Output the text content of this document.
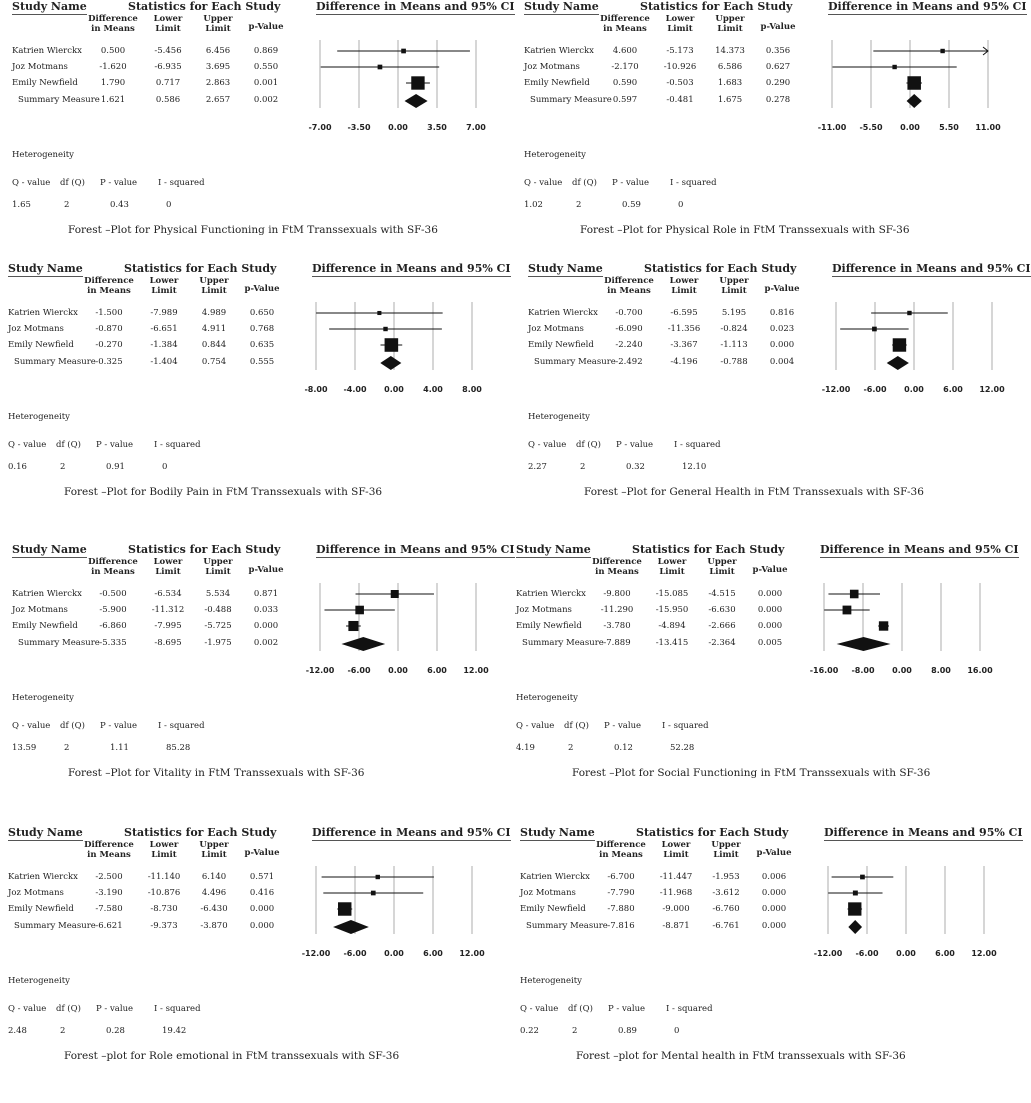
Study Name	Statistics for Each Study	Difference in Means and 95% CI
Difference
in Means
Lower
Limit
Upper
Limit	p-Value
Katrien Wierckx	0.500	-5.456	6.456	0.869
Joz Motmans	-1.620	-6.935	3.695	0.550
Emily Newfield	1.790	0.717	2.863	0.001
Summary Measure 1.621	0.586	2.657	0.002
-7.00 -3.50 0.00 3.50 7.00
Heterogeneity
Q - value df (Q) P - value I - squared
1.65	2	0.43	0
Forest –Plot for Physical Functioning in FtM Transsexuals with SF-36
Study Name	Statistics for Each Study	Difference in Means and 95% CI
Difference
in Means
Lower
Limit
Upper
Limit	p-Value
Katrien Wierckx	4.600	-5.173	14.373	0.356
Joz Motmans	-2.170	-10.926	6.586	0.627
Emily Newfield	0.590	-0.503	1.683	0.290
Summary Measure 0.597	-0.481	1.675	0.278
-11.00 -5.50 0.00 5.50 11.00
Heterogeneity
Q - value df (Q) P - value I - squared
1.02	2	0.59	0
Forest –Plot for Physical Role in FtM Transsexuals with SF-36
Study Name	Statistics for Each Study	Difference in Means and 95% CI
Difference
in Means
Lower
Limit
Upper
Limit	p-Value
Katrien Wierckx	-1.500	-7.989	4.989	0.650
Joz Motmans	-0.870	-6.651	4.911	0.768
Emily Newfield	-0.270	-1.384	0.844	0.635
Summary Measure -0.325	-1.404	0.754	0.555
-8.00 -4.00 0.00 4.00 8.00
Heterogeneity
Q - value df (Q) P - value I - squared
0.16	2	0.91	0
Forest –Plot for Bodily Pain in FtM Transsexuals with SF-36
Study Name	Statistics for Each Study	Difference in Means and 95% CI
Difference
in Means
Lower
Limit
Upper
Limit	p-Value
Katrien Wierckx	-0.700	-6.595	5.195	0.816
Joz Motmans	-6.090	-11.356	-0.824	0.023
Emily Newfield	-2.240	-3.367	-1.113	0.000
Summary Measure -2.492	-4.196	-0.788	0.004
-12.00 -6.00 0.00 6.00 12.00
Heterogeneity
Q - value df (Q) P - value I - squared
2.27	2	0.32	12.10
Forest –Plot for General Health in FtM Transsexuals with SF-36
Study Name	Statistics for Each Study	Difference in Means and 95% CI
Difference
in Means
Lower
Limit
Upper
Limit	p-Value
Katrien Wierckx	-0.500	-6.534	5.534	0.871
Joz Motmans	-5.900	-11.312	-0.488	0.033
Emily Newfield	-6.860	-7.995	-5.725	0.000
Summary Measure -5.335	-8.695	-1.975	0.002
-12.00 -6.00 0.00 6.00 12.00
Heterogeneity
Q - value df (Q) P - value I - squared
13.59	2	1.11	85.28
Forest –Plot for Vitality in FtM Transsexuals with SF-36
Study Name	Statistics for Each Study	Difference in Means and 95% CI
Difference
in Means
Lower
Limit
Upper
Limit	p-Value
Katrien Wierckx	-9.800	-15.085	-4.515	0.000
Joz Motmans	-11.290	-15.950	-6.630	0.000
Emily Newfield	-3.780	-4.894	-2.666	0.000
Summary Measure -7.889	-13.415	-2.364	0.005
-16.00 -8.00 0.00 8.00 16.00
Heterogeneity
Q - value df (Q) P - value I - squared
4.19	2	0.12	52.28
Forest –Plot for Social Functioning in FtM Transsexuals with SF-36
Study Name	Statistics for Each Study	Difference in Means and 95% CI
Difference
in Means
Lower
Limit
Upper
Limit	p-Value
Katrien Wierckx	-2.500	-11.140	6.140	0.571
Joz Motmans	-3.190	-10.876	4.496	0.416
Emily Newfield	-7.580	-8.730	-6.430	0.000
Summary Measure -6.621	-9.373	-3.870	0.000
-12.00 -6.00 0.00 6.00 12.00
Heterogeneity
Q - value df (Q) P - value I - squared
2.48	2	0.28	19.42
Forest –plot for Role emotional in FtM transsexuals with SF-36
Study Name	Statistics for Each Study	Difference in Means and 95% CI
Difference
in Means
Lower
Limit
Upper
Limit	p-Value
Katrien Wierckx	-6.700	-11.447	-1.953	0.006
Joz Motmans	-7.790	-11.968	-3.612	0.000
Emily Newfield	-7.880	-9.000	-6.760	0.000
Summary Measure -7.816	-8.871	-6.761	0.000
-12.00 -6.00 0.00 6.00 12.00
Heterogeneity
Q - value df (Q) P - value I - squared
0.22	2	0.89	0
Forest –plot for Mental health in FtM transsexuals with SF-36
